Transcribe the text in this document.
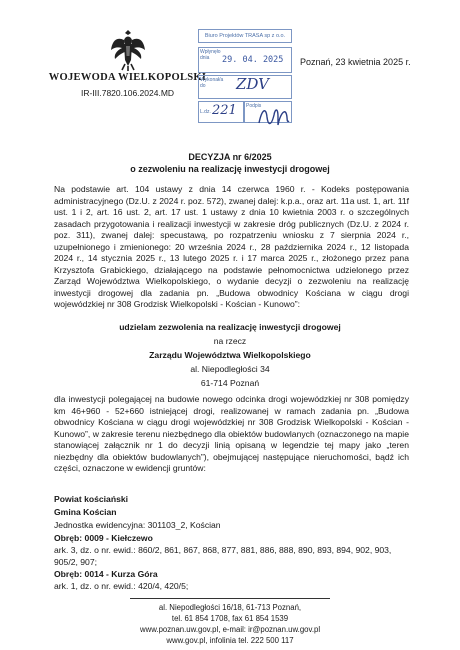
WOJEWODA WIELKOPOLSKI
IR-III.7820.106.2024.MD
Poznań, 23 kwietnia 2025 r.
Biuro Projektów TRASA sp z o.o.
Wpłynęło dnia	29. 04. 2025
Wykonał/a do	ZDV
L.dz. 221 Podpis
DECYZJA nr 6/2025
o zezwoleniu na realizację inwestycji drogowej
Na podstawie art. 104 ustawy z dnia 14 czerwca 1960 r. - Kodeks postępowania administracyjnego (Dz.U. z 2024 r. poz. 572), zwanej dalej: k.p.a., oraz art. 11a ust. 1, art. 11f ust. 1 i 2, art. 16 ust. 2, art. 17 ust. 1 ustawy z dnia 10 kwietnia 2003 r. o szczególnych zasadach przygotowania i realizacji inwestycji w zakresie dróg publicznych (Dz.U. z 2024 r. poz. 311), zwanej dalej: specustawą, po rozpatrzeniu wniosku z 7 sierpnia 2024 r., uzupełnionego i zmienionego: 20 września 2024 r., 28 października 2024 r., 12 listopada 2024 r., 14 stycznia 2025 r., 13 lutego 2025 r. i 17 marca 2025 r., złożonego przez pana Krzysztofa Grabickiego, działającego na podstawie pełnomocnictwa udzielonego przez Zarząd Województwa Wielkopolskiego, o wydanie decyzji o zezwoleniu na realizację inwestycji drogowej dla zadania pn. „Budowa obwodnicy Kościana w ciągu drogi wojewódzkiej nr 308 Grodzisk Wielkopolski - Kościan - Kunowo”:
udzielam zezwolenia na realizację inwestycji drogowej
na rzecz
Zarządu Województwa Wielkopolskiego
al. Niepodległości 34
61-714 Poznań
dla inwestycji polegającej na budowie nowego odcinka drogi wojewódzkiej nr 308 pomiędzy km 46+960 - 52+660 istniejącej drogi, realizowanej w ramach zadania pn. „Budowa obwodnicy Kościana w ciągu drogi wojewódzkiej nr 308 Grodzisk Wielkopolski - Kościan - Kunowo”, w zakresie terenu niezbędnego dla obiektów budowlanych (oznaczonego na mapie stanowiącej załącznik nr 1 do decyzji linią opisaną w legendzie tej mapy jako „teren niezbędny dla obiektów budowlanych”), obejmującej następujące nieruchomości, bądź ich części, oznaczone w ewidencji gruntów:
Powiat kościański
Gmina Kościan
Jednostka ewidencyjna: 301103_2, Kościan
Obręb: 0009 - Kiełczewo
ark. 3, dz. o nr. ewid.: 860/2, 861, 867, 868, 877, 881, 886, 888, 890, 893, 894, 902, 903, 905/2, 907;
Obręb: 0014 - Kurza Góra
ark. 1, dz. o nr. ewid.: 420/4, 420/5;
al. Niepodległości 16/18, 61-713 Poznań,
tel. 61 854 1708, fax 61 854 1539
www.poznan.uw.gov.pl, e-mail: ir@poznan.uw.gov.pl
www.gov.pl, infolinia tel. 222 500 117
